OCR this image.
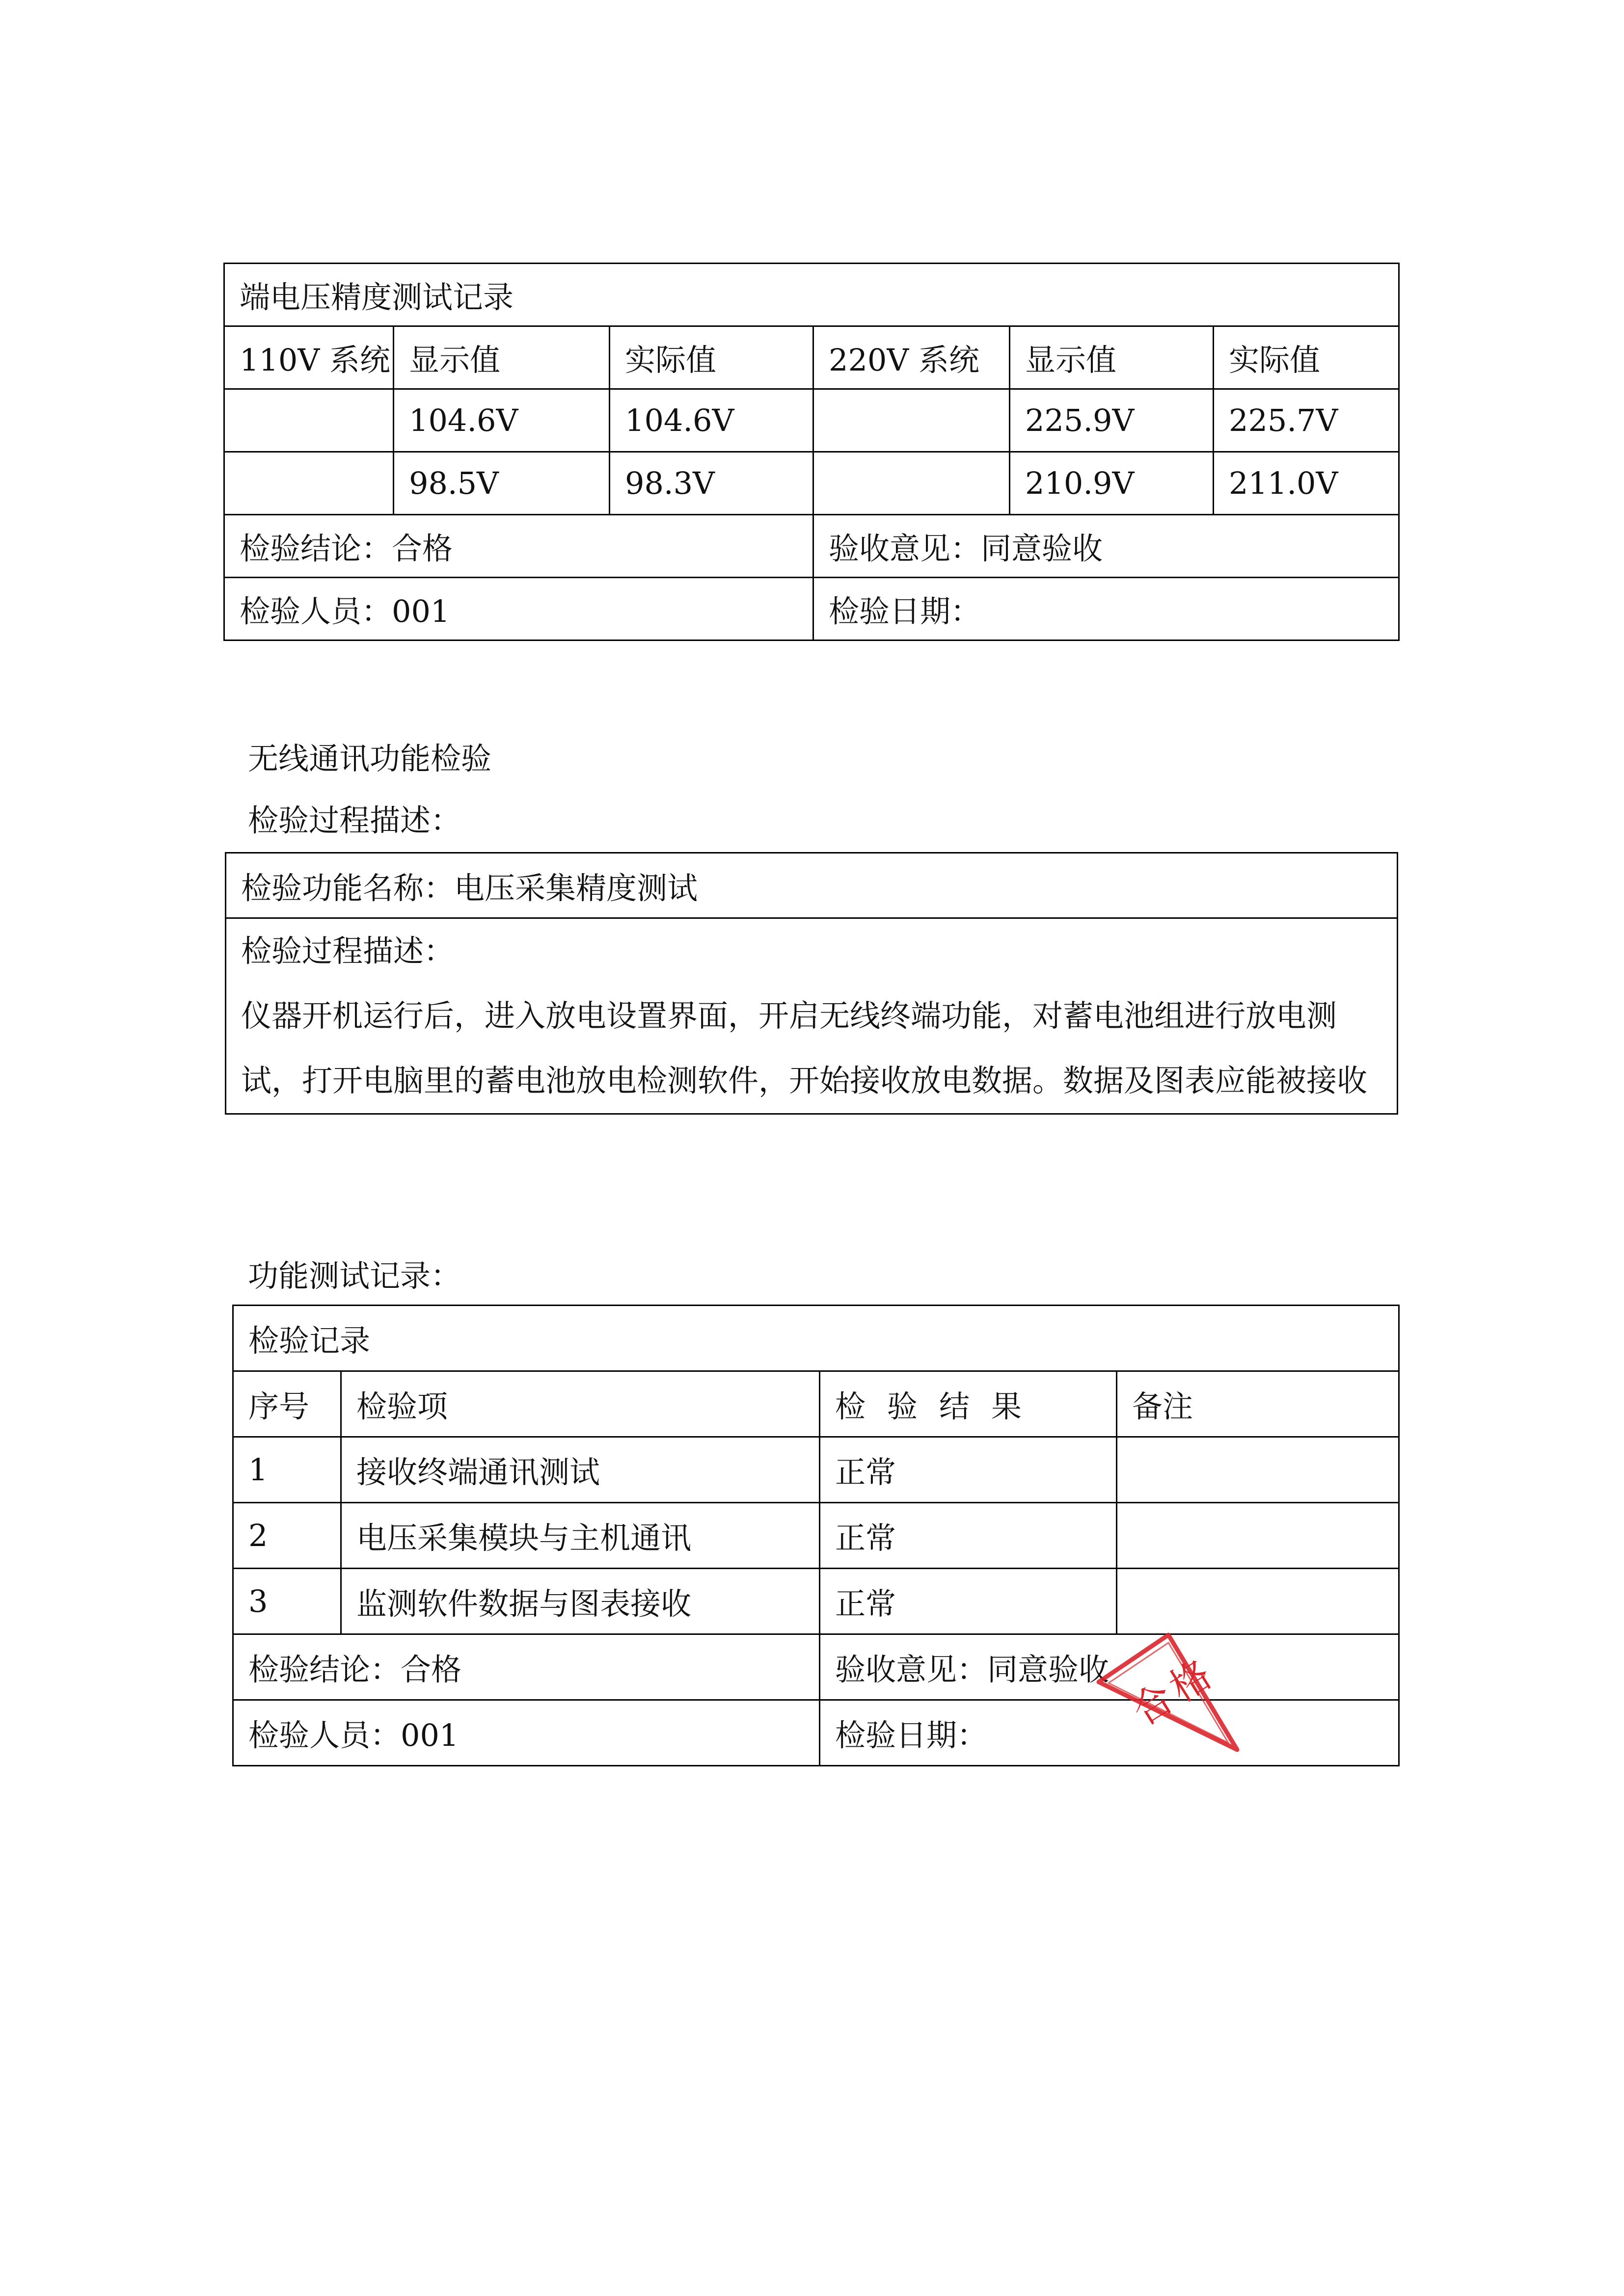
端电压精度测试记录					
110V 系统	显示值	实际值	220V 系统	显示值	实际值
	104.6V	104.6V		225.9V	225.7V
	98.5V	98.3V		210.9V	211.0V
检验结论：合格			验收意见：同意验收		
检验人员：001			检验日期：		
无线通讯功能检验
检验过程描述：
检验功能名称：电压采集精度测试

检验过程描述：
仪器开机运行后，进入放电设置界面，开启无线终端功能，对蓄电池组进行放电测试，打开电脑里的蓄电池放电检测软件，开始接收放电数据。数据及图表应能被接收
功能测试记录：
检验记录			
序号	检验项	检验结果	备注
1	接收终端通讯测试	正常	
2	电压采集模块与主机通讯	正常	
3	监测软件数据与图表接收	正常	
检验结论：合格		验收意见：同意验收	
检验人员：001		检验日期：	
合格
